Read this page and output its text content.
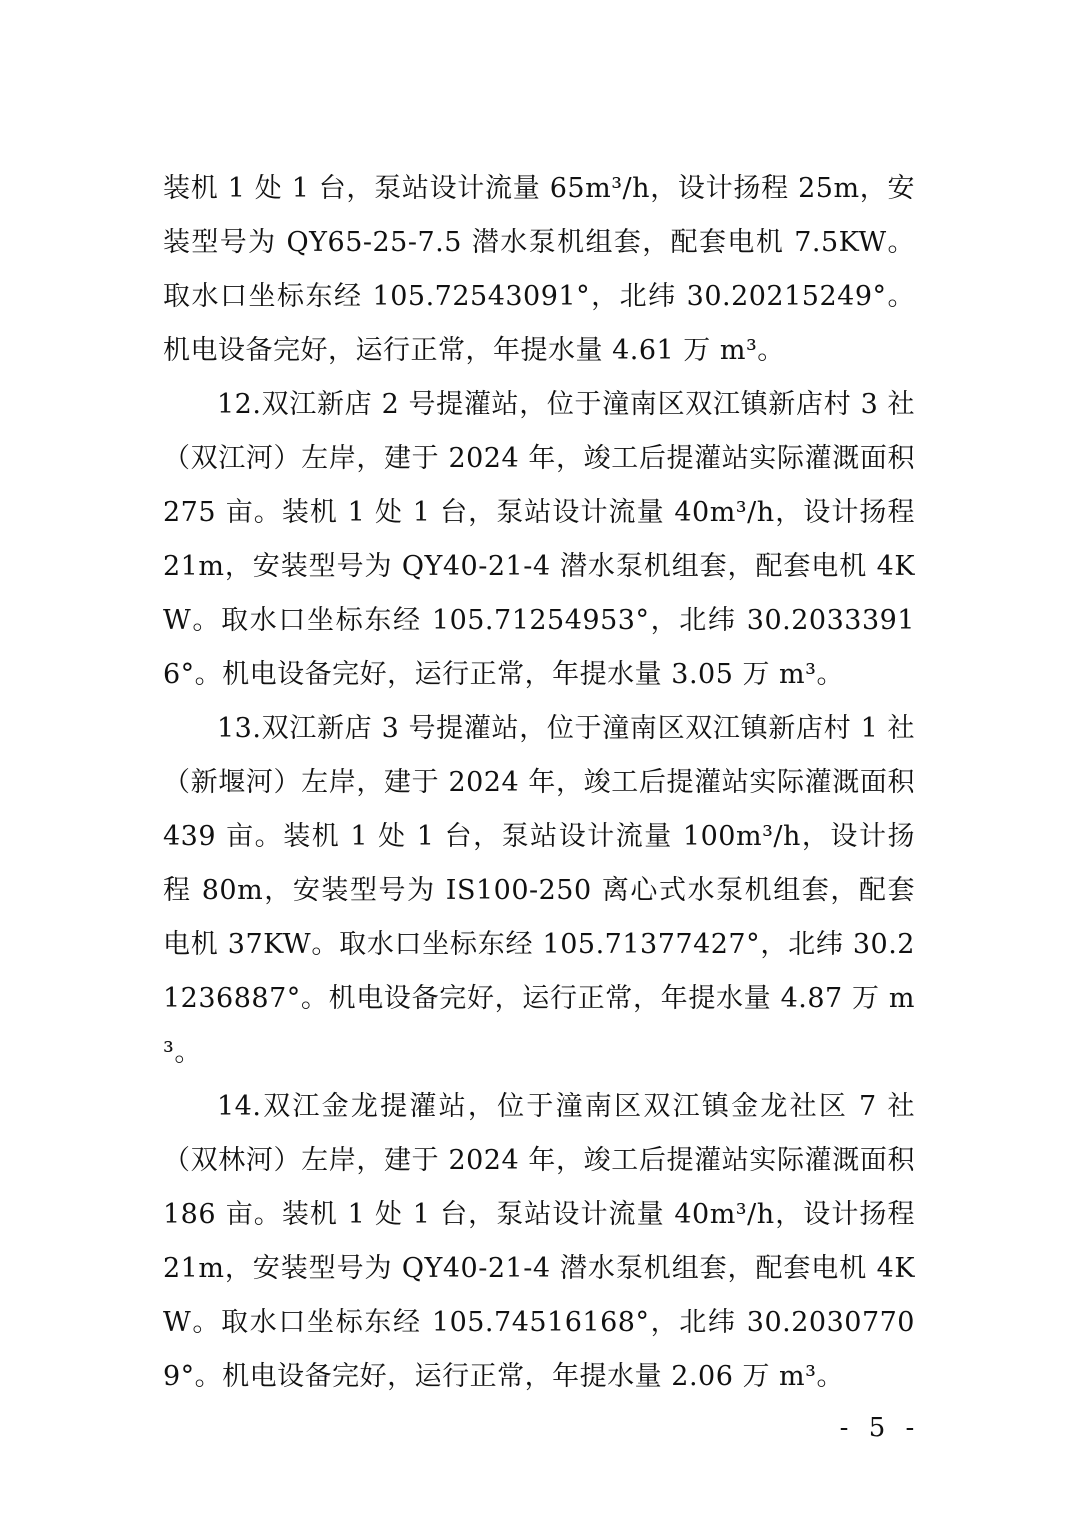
装机 1 处 1 台，泵站设计流量 65m³/h，设计扬程 25m，安装型号为 QY65-25-7.5 潜水泵机组套，配套电机 7.5KW。取水口坐标东经 105.72543091°，北纬 30.20215249°。机电设备完好，运行正常，年提水量 4.61 万 m³。

12.双江新店 2 号提灌站，位于潼南区双江镇新店村 3 社（双江河）左岸，建于 2024 年，竣工后提灌站实际灌溉面积 275 亩。装机 1 处 1 台，泵站设计流量 40m³/h，设计扬程 21m，安装型号为 QY40-21-4 潜水泵机组套，配套电机 4KW。取水口坐标东经 105.71254953°，北纬 30.20333916°。机电设备完好，运行正常，年提水量 3.05 万 m³。

13.双江新店 3 号提灌站，位于潼南区双江镇新店村 1 社（新堰河）左岸，建于 2024 年，竣工后提灌站实际灌溉面积 439 亩。装机 1 处 1 台，泵站设计流量 100m³/h，设计扬程 80m，安装型号为 IS100-250 离心式水泵机组套，配套电机 37KW。取水口坐标东经 105.71377427°，北纬 30.21236887°。机电设备完好，运行正常，年提水量 4.87 万 m³。

14.双江金龙提灌站，位于潼南区双江镇金龙社区 7 社（双林河）左岸，建于 2024 年，竣工后提灌站实际灌溉面积 186 亩。装机 1 处 1 台，泵站设计流量 40m³/h，设计扬程 21m，安装型号为 QY40-21-4 潜水泵机组套，配套电机 4KW。取水口坐标东经 105.74516168°，北纬 30.20307709°。机电设备完好，运行正常，年提水量 2.06 万 m³。

- 5 -
